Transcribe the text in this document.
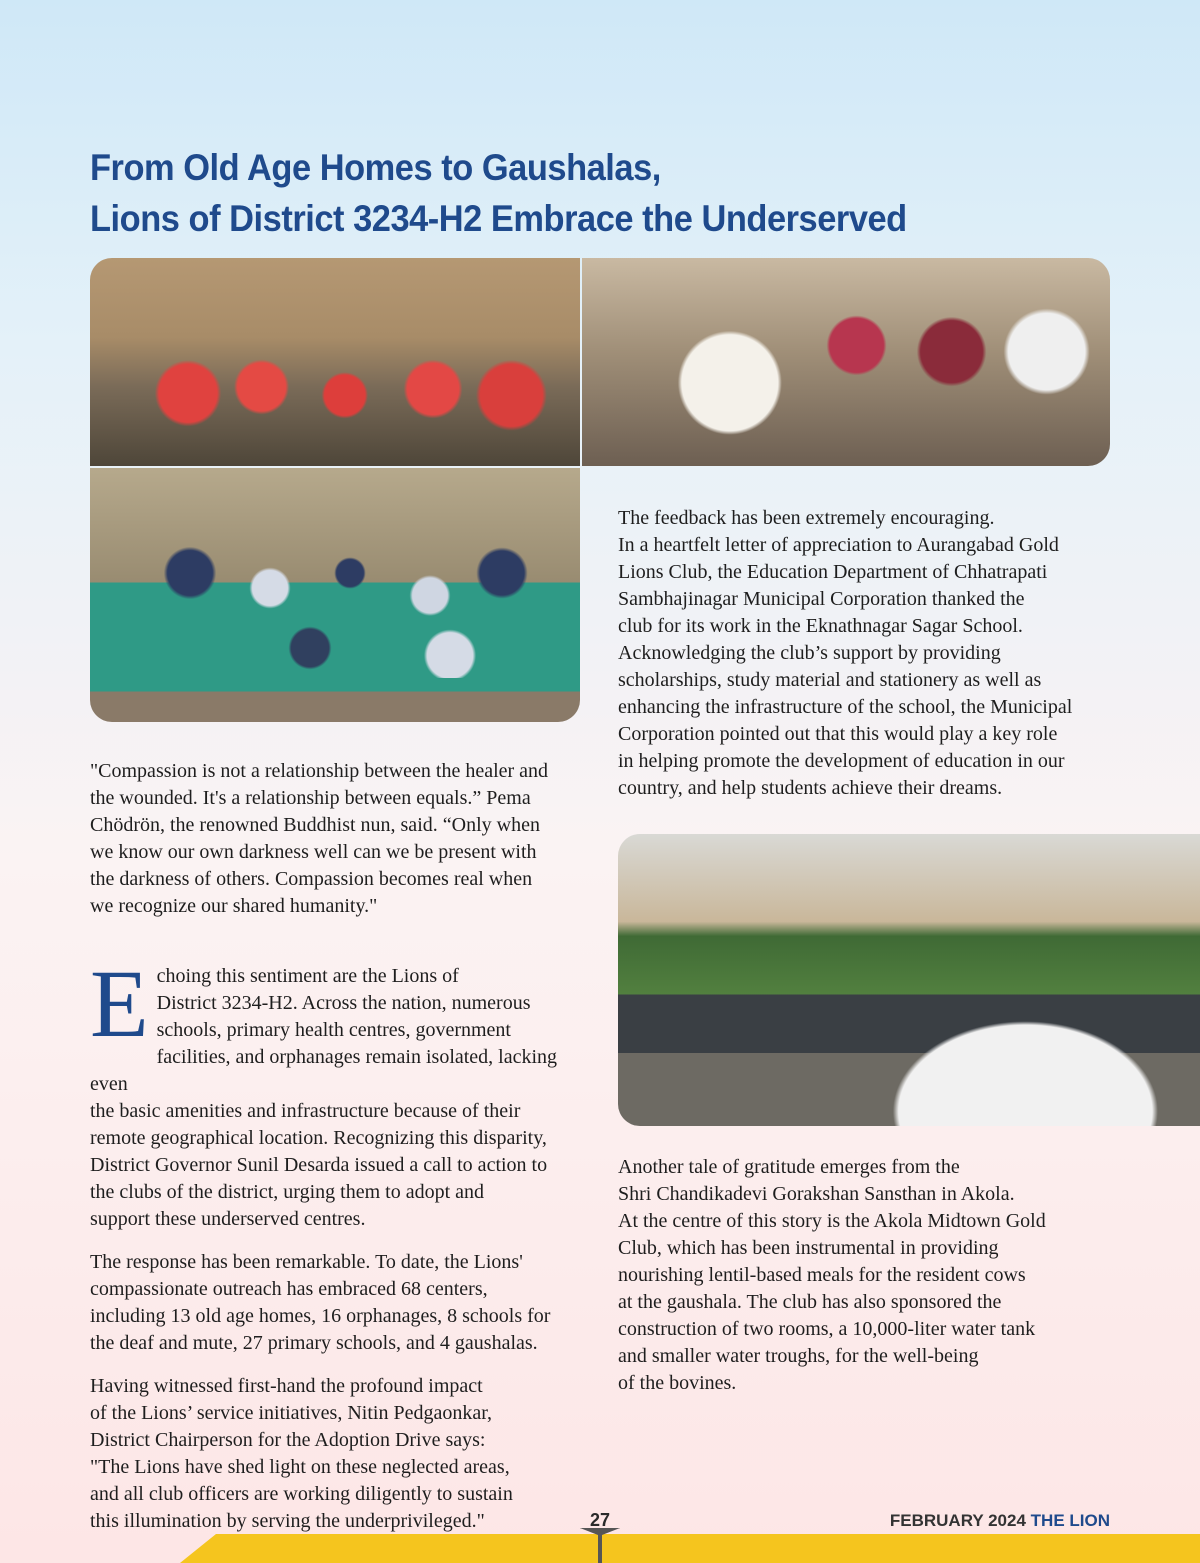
From Old Age Homes to Gaushalas,
Lions of District 3234-H2 Embrace the Underserved

The feedback has been extremely encouraging.
In a heartfelt letter of appreciation to Aurangabad Gold
Lions Club, the Education Department of Chhatrapati
Sambhajinagar Municipal Corporation thanked the
club for its work in the Eknathnagar Sagar School.
Acknowledging the club’s support by providing
scholarships, study material and stationery as well as
enhancing the infrastructure of the school, the Municipal
Corporation pointed out that this would play a key role
in helping promote the development of education in our
country, and help students achieve their dreams.

"Compassion is not a relationship between the healer and
the wounded. It's a relationship between equals.” Pema
Chödrön, the renowned Buddhist nun, said. “Only when
we know our own darkness well can we be present with
the darkness of others. Compassion becomes real when
we recognize our shared humanity."

Echoing this sentiment are the Lions of
District 3234-H2. Across the nation, numerous
schools, primary health centres, government
facilities, and orphanages remain isolated, lacking even
the basic amenities and infrastructure because of their
remote geographical location. Recognizing this disparity,
District Governor Sunil Desarda issued a call to action to
the clubs of the district, urging them to adopt and
support these underserved centres.

The response has been remarkable. To date, the Lions'
compassionate outreach has embraced 68 centers,
including 13 old age homes, 16 orphanages, 8 schools for
the deaf and mute, 27 primary schools, and 4 gaushalas.

Having witnessed first-hand the profound impact
of the Lions’ service initiatives, Nitin Pedgaonkar,
District Chairperson for the Adoption Drive says:
"The Lions have shed light on these neglected areas,
and all club officers are working diligently to sustain
this illumination by serving the underprivileged."

Another tale of gratitude emerges from the
Shri Chandikadevi Gorakshan Sansthan in Akola.
At the centre of this story is the Akola Midtown Gold
Club, which has been instrumental in providing
nourishing lentil-based meals for the resident cows
at the gaushala. The club has also sponsored the
construction of two rooms, a 10,000-liter water tank
and smaller water troughs, for the well-being
of the bovines.

27	FEBRUARY 2024 THE LION
